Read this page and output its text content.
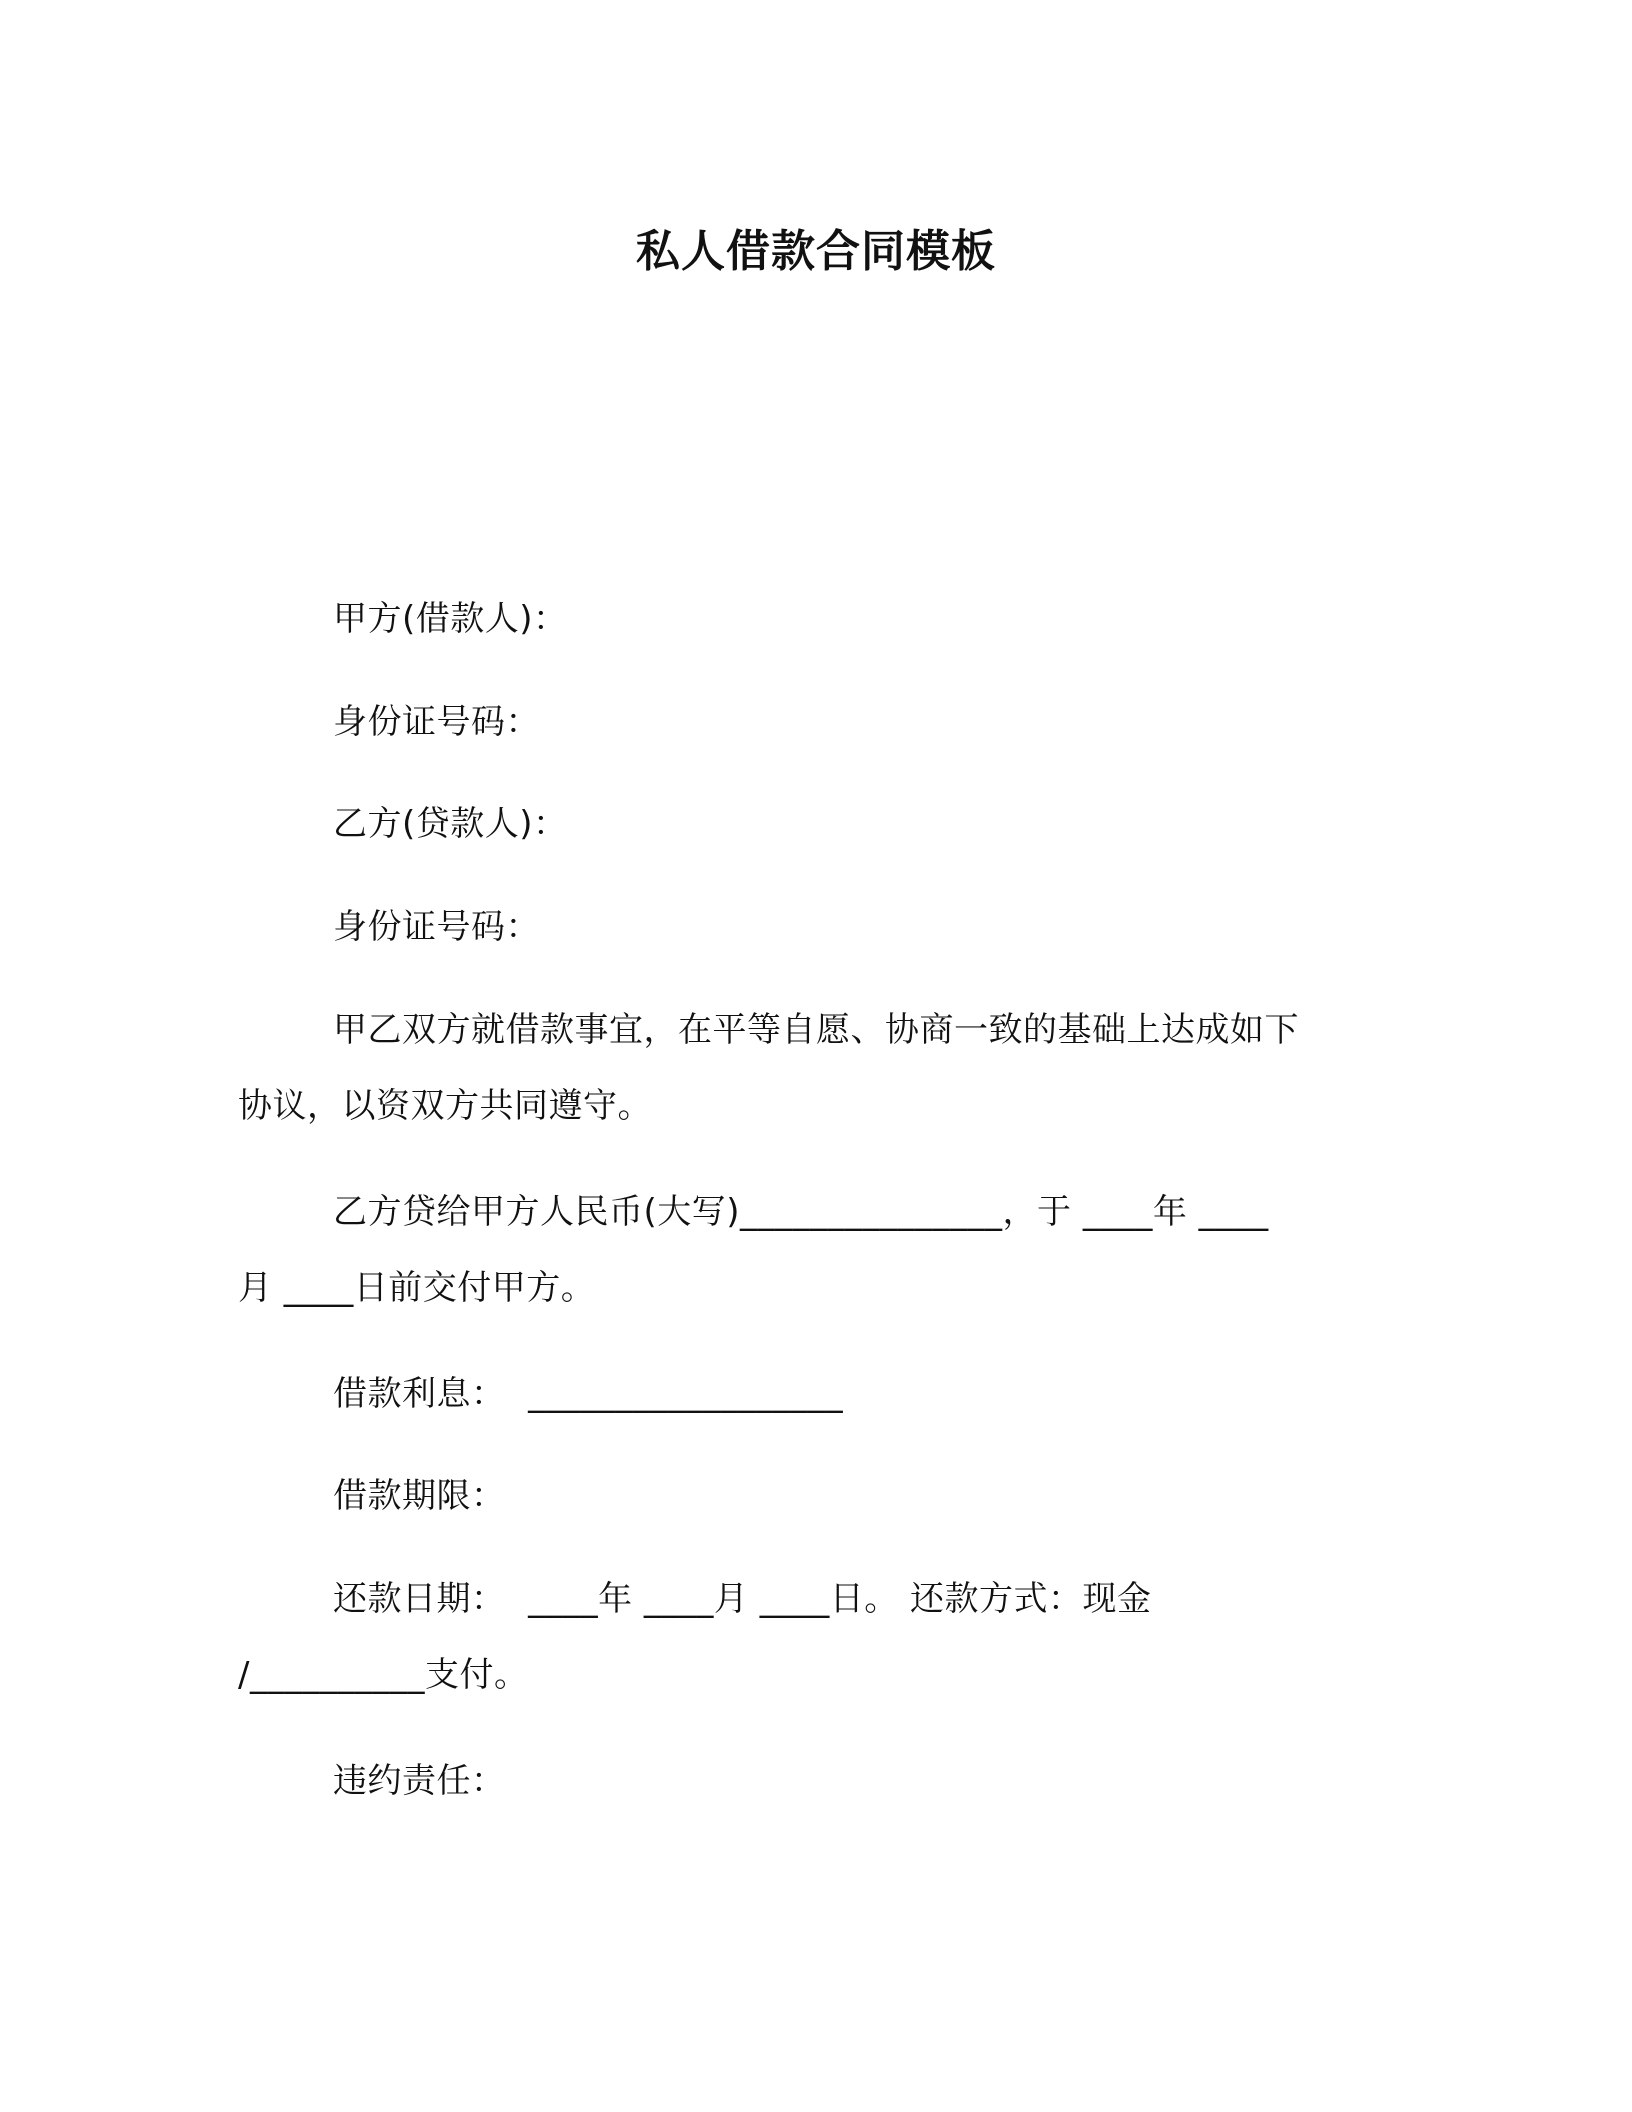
私人借款合同模板
甲方(借款人)：
身份证号码：
乙方(贷款人)：
身份证号码：
甲乙双方就借款事宜，在平等自愿、协商一致的基础上达成如下
协议，以资双方共同遵守。
乙方贷给甲方人民币(大写)_______________，于 ____年 ____
月 ____日前交付甲方。
借款利息：  __________________
借款期限：
还款日期：  ____年 ____月 ____日。 还款方式：现金
/__________支付。
违约责任：
